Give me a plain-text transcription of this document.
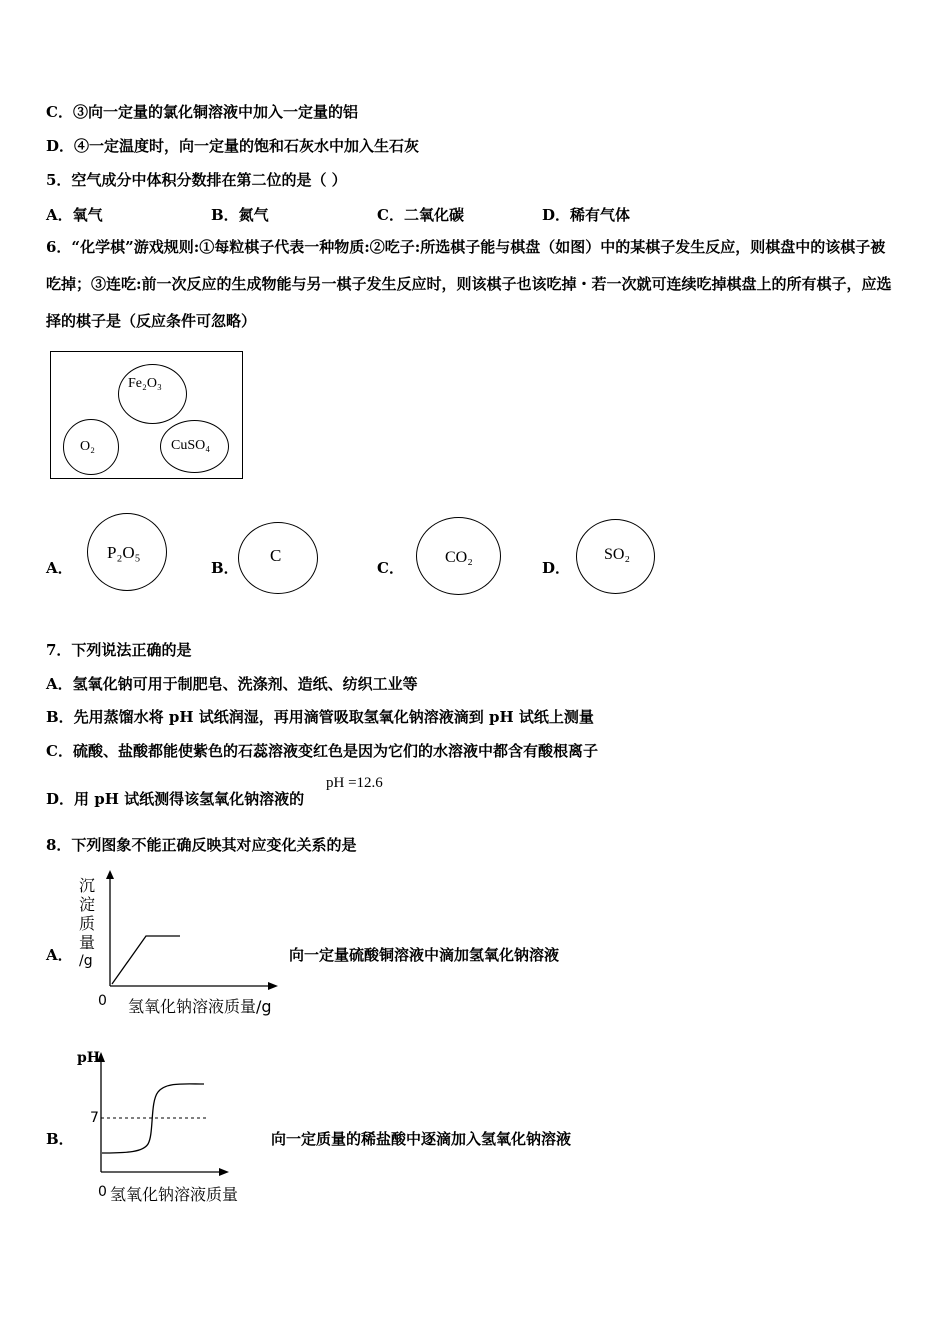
C．③向一定量的氯化铜溶液中加入一定量的铝
D．④一定温度时，向一定量的饱和石灰水中加入生石灰
5．空气成分中体积分数排在第二位的是（ ）
A．氧气	B．氮气	C．二氧化碳	D．稀有气体
6．“化学棋”游戏规则:①每粒棋子代表一种物质:②吃子:所选棋子能与棋盘（如图）中的某棋子发生反应，则棋盘中的该棋子被吃掉；③连吃:前一次反应的生成物能与另一棋子发生反应时，则该棋子也该吃掉・若一次就可连续吃掉棋盘上的所有棋子，应选择的棋子是（反应条件可忽略）
Fe₂O₃
O₂	CuSO₄
A．
P₂O₅
B．
C
C．
CO₂
D．
SO₂
7．下列说法正确的是
A．氢氧化钠可用于制肥皂、洗涤剂、造纸、纺织工业等
B．先用蒸馏水将 pH 试纸润湿，再用滴管吸取氢氧化钠溶液滴到 pH 试纸上测量
C．硫酸、盐酸都能使紫色的石蕊溶液变红色是因为它们的水溶液中都含有酸根离子
D．用 pH 试纸测得该氢氧化钠溶液的
pH =12.6
8．下列图象不能正确反映其对应变化关系的是
A．
沉
淀
质
量
/g
0 氢氧化钠溶液质量/g
向一定量硫酸铜溶液中滴加氢氧化钠溶液
B．
pH
7
0 氢氧化钠溶液质量
向一定质量的稀盐酸中逐滴加入氢氧化钠溶液
